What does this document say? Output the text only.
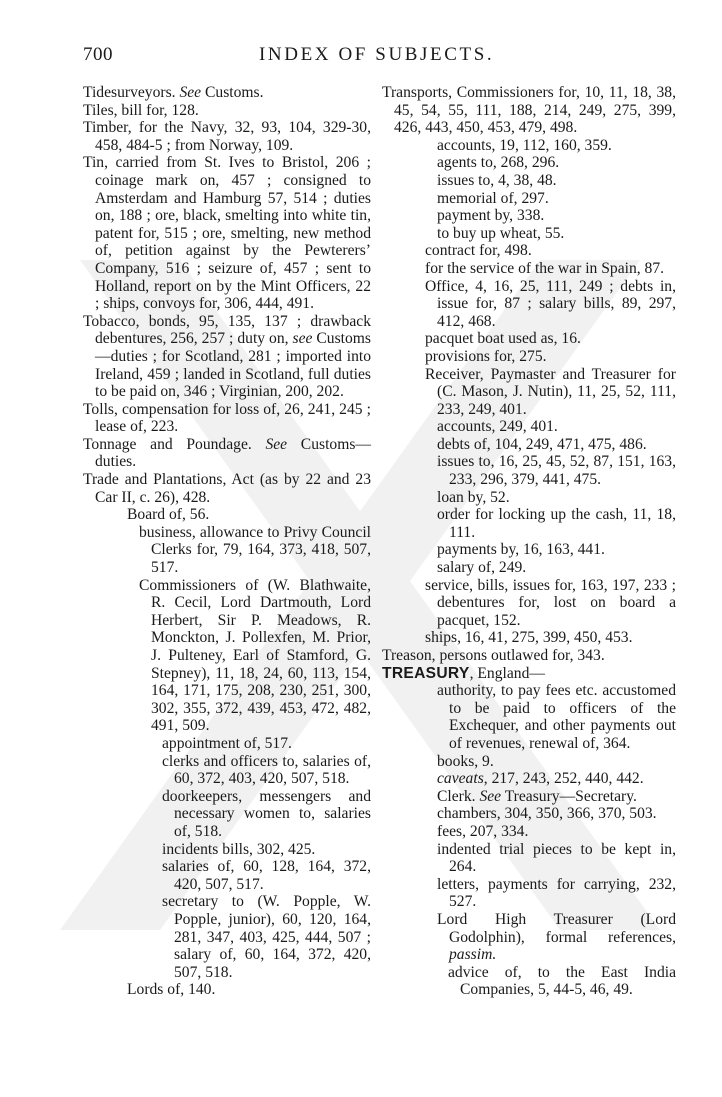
700	INDEX OF SUBJECTS.

Tidesurveyors. See Customs.

Tiles, bill for, 128.

Timber, for the Navy, 32, 93, 104, 329-30, 458, 484-5 ; from Norway, 109.

Tin, carried from St. Ives to Bristol, 206 ; coinage mark on, 457 ; consigned to Amsterdam and Hamburg 57, 514 ; duties on, 188 ; ore, black, smelting into white tin, patent for, 515 ; ore, smelting, new method of, petition against by the Pewterers’ Company, 516 ; seizure of, 457 ; sent to Holland, report on by the Mint Officers, 22 ; ships, convoys for, 306, 444, 491.

Tobacco, bonds, 95, 135, 137 ; drawback debentures, 256, 257 ; duty on, see Customs—duties ; for Scotland, 281 ; imported into Ireland, 459 ; landed in Scotland, full duties to be paid on, 346 ; Virginian, 200, 202.

Tolls, compensation for loss of, 26, 241, 245 ; lease of, 223.

Tonnage and Poundage. See Customs—duties.

Trade and Plantations, Act (as by 22 and 23 Car II, c. 26), 428.

Board of, 56.

business, allowance to Privy Council Clerks for, 79, 164, 373, 418, 507, 517.

Commissioners of (W. Blathwaite, R. Cecil, Lord Dartmouth, Lord Herbert, Sir P. Meadows, R. Monckton, J. Pollexfen, M. Prior, J. Pulteney, Earl of Stamford, G. Stepney), 11, 18, 24, 60, 113, 154, 164, 171, 175, 208, 230, 251, 300, 302, 355, 372, 439, 453, 472, 482, 491, 509.

appointment of, 517.

clerks and officers to, salaries of, 60, 372, 403, 420, 507, 518.

doorkeepers, messengers and necessary women to, salaries of, 518.

incidents bills, 302, 425.

salaries of, 60, 128, 164, 372, 420, 507, 517.

secretary to (W. Popple, W. Popple, junior), 60, 120, 164, 281, 347, 403, 425, 444, 507 ; salary of, 60, 164, 372, 420, 507, 518.

Lords of, 140.

Transports, Commissioners for, 10, 11, 18, 38, 45, 54, 55, 111, 188, 214, 249, 275, 399, 426, 443, 450, 453, 479, 498.

accounts, 19, 112, 160, 359.

agents to, 268, 296.

issues to, 4, 38, 48.

memorial of, 297.

payment by, 338.

to buy up wheat, 55.

contract for, 498.

for the service of the war in Spain, 87.

Office, 4, 16, 25, 111, 249 ; debts in, issue for, 87 ; salary bills, 89, 297, 412, 468.

pacquet boat used as, 16.

provisions for, 275.

Receiver, Paymaster and Treasurer for (C. Mason, J. Nutin), 11, 25, 52, 111, 233, 249, 401.

accounts, 249, 401.

debts of, 104, 249, 471, 475, 486.

issues to, 16, 25, 45, 52, 87, 151, 163, 233, 296, 379, 441, 475.

loan by, 52.

order for locking up the cash, 11, 18, 111.

payments by, 16, 163, 441.

salary of, 249.

service, bills, issues for, 163, 197, 233 ; debentures for, lost on board a pacquet, 152.

ships, 16, 41, 275, 399, 450, 453.

Treason, persons outlawed for, 343.

TREASURY, England—

authority, to pay fees etc. accustomed to be paid to officers of the Exchequer, and other payments out of revenues, renewal of, 364.

books, 9.

caveats, 217, 243, 252, 440, 442.

Clerk. See Treasury—Secretary.

chambers, 304, 350, 366, 370, 503.

fees, 207, 334.

indented trial pieces to be kept in, 264.

letters, payments for carrying, 232, 527.

Lord High Treasurer (Lord Godolphin), formal references, passim.

advice of, to the East India Companies, 5, 44-5, 46, 49.
